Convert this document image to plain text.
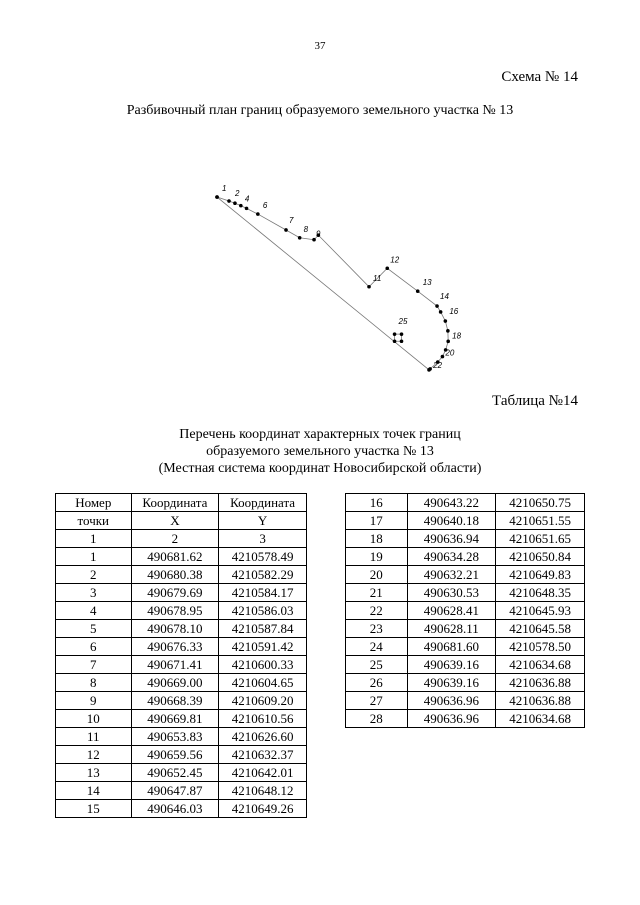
37
Схема № 14
Разбивочный план границ образуемого земельного участка № 13
1
2
4
6
7
8
9
11
12
13
14
16
18
20
22
25
Таблица №14
Перечень координат характерных точек границ
образуемого земельного участка № 13
(Местная система координат Новосибирской области)
Номер	Координата	Координата
точки	X	Y
1	2	3
1	490681.62	4210578.49
2	490680.38	4210582.29
3	490679.69	4210584.17
4	490678.95	4210586.03
5	490678.10	4210587.84
6	490676.33	4210591.42
7	490671.41	4210600.33
8	490669.00	4210604.65
9	490668.39	4210609.20
10	490669.81	4210610.56
11	490653.83	4210626.60
12	490659.56	4210632.37
13	490652.45	4210642.01
14	490647.87	4210648.12
15	490646.03	4210649.26
16	490643.22	4210650.75
17	490640.18	4210651.55
18	490636.94	4210651.65
19	490634.28	4210650.84
20	490632.21	4210649.83
21	490630.53	4210648.35
22	490628.41	4210645.93
23	490628.11	4210645.58
24	490681.60	4210578.50
25	490639.16	4210634.68
26	490639.16	4210636.88
27	490636.96	4210636.88
28	490636.96	4210634.68
